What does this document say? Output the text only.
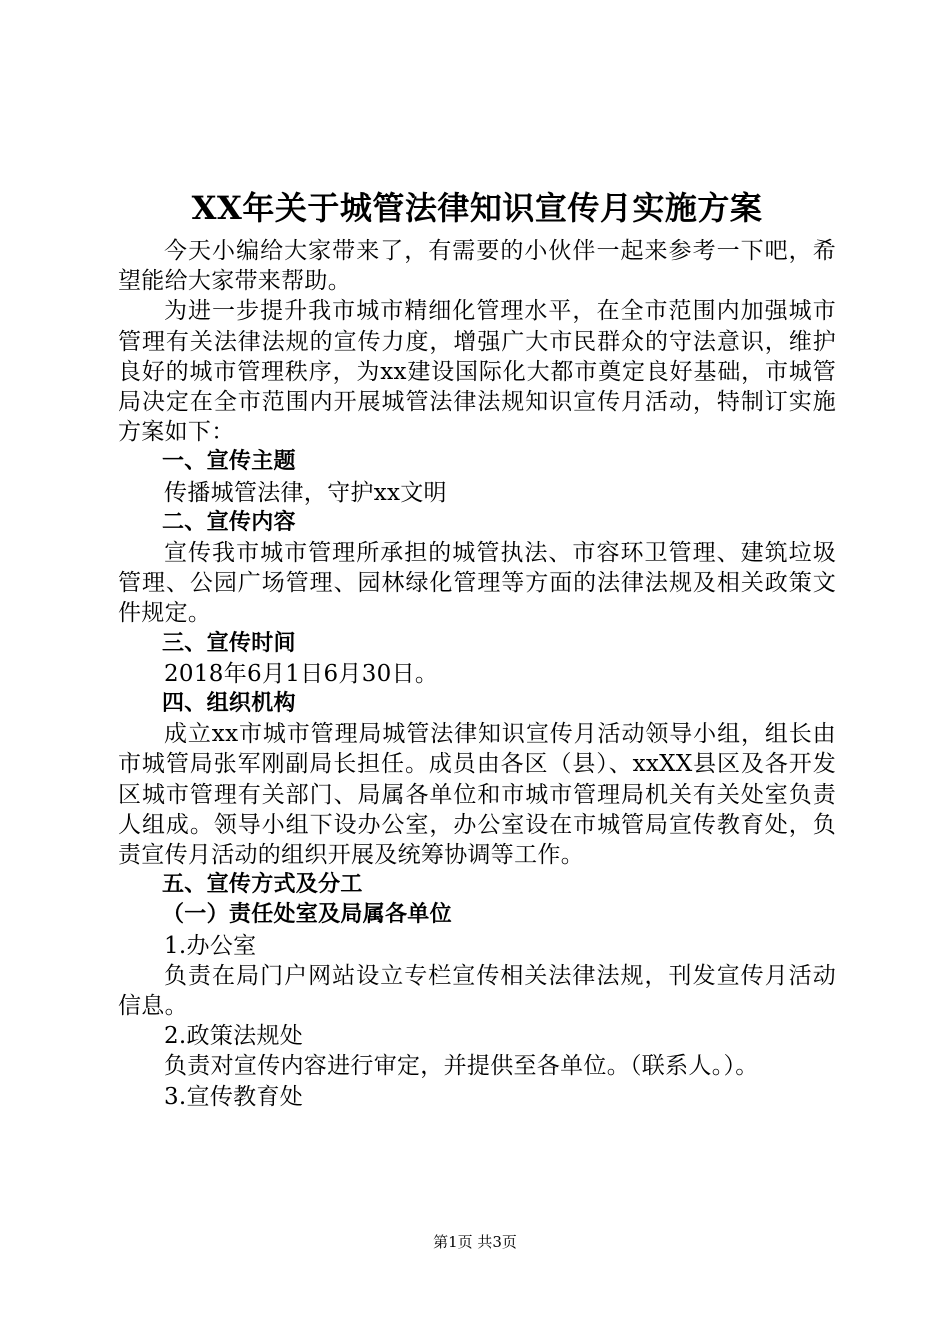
XX年关于城管法律知识宣传月实施方案

今天小编给大家带来了，有需要的小伙伴一起来参考一下吧，希望能给大家带来帮助。

为进一步提升我市城市精细化管理水平，在全市范围内加强城市管理有关法律法规的宣传力度，增强广大市民群众的守法意识，维护良好的城市管理秩序，为xx建设国际化大都市奠定良好基础，市城管局决定在全市范围内开展城管法律法规知识宣传月活动，特制订实施方案如下：

一、宣传主题

传播城管法律，守护xx文明

二、宣传内容

宣传我市城市管理所承担的城管执法、市容环卫管理、建筑垃圾管理、公园广场管理、园林绿化管理等方面的法律法规及相关政策文件规定。

三、宣传时间

2018年6月1日6月30日。

四、组织机构

成立xx市城市管理局城管法律知识宣传月活动领导小组，组长由市城管局张军刚副局长担任。成员由各区（县）、xxXX县区及各开发区城市管理有关部门、局属各单位和市城市管理局机关有关处室负责人组成。领导小组下设办公室，办公室设在市城管局宣传教育处，负责宣传月活动的组织开展及统筹协调等工作。

五、宣传方式及分工

（一）责任处室及局属各单位

1.办公室

负责在局门户网站设立专栏宣传相关法律法规，刊发宣传月活动信息。

2.政策法规处

负责对宣传内容进行审定，并提供至各单位。（联系人。）。

3.宣传教育处

第1页 共3页
